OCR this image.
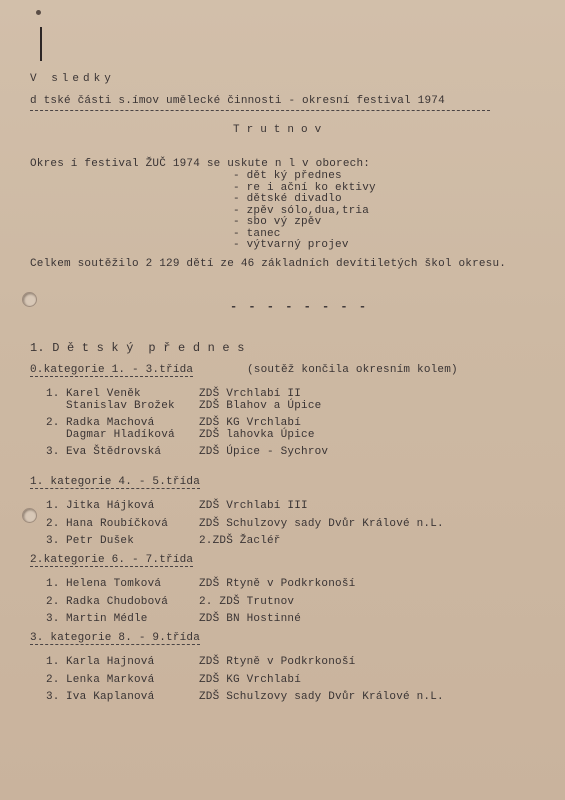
V sledky
d tské části s.ímov umělecké činnosti - okresní festival 1974
T r u t n o v
Okres í festival ŽUČ 1974 se uskute n l v oborech:
- dět ký přednes
- re i ační ko ektivy
- dětské divadlo
- zpěv sólo,dua,tria
- sbo vý zpěv
- tanec
- výtvarný projev
Celkem soutěžilo 2 129 dětí ze 46 základních devítiletých škol okresu.
- - - - - - - -
1. D ě t s k ý  p ř e d n e s
0.kategorie 1. - 3.třída	(soutěž končila okresním kolem)
1. Karel Veněk	ZDŠ Vrchlabí II
Stanislav Brožek ZDŠ Blahov a Úpice
2. Radka Machová	ZDŠ KG Vrchlabí
Dagmar Hladíková ZDŠ lahovka Úpice
3. Eva Štědrovská	ZDŠ Úpice - Sychrov
1. kategorie 4. - 5.třída
1. Jitka Hájková	ZDŠ Vrchlabí III
2. Hana Roubíčková	ZDŠ Schulzovy sady Dvůr Králové n.L.
3. Petr Dušek	2.ZDŠ Žacléř
2.kategorie 6. - 7.třída
1. Helena Tomková	ZDŠ Rtyně v Podkrkonoší
2. Radka Chudobová	2. ZDŠ Trutnov
3. Martin Médle	ZDŠ BN Hostinné
3. kategorie 8. - 9.třída
1. Karla Hajnová	ZDŠ Rtyně v Podkrkonoší
2. Lenka Marková	ZDŠ KG Vrchlabí
3. Iva Kaplanová	ZDŠ Schulzovy sady Dvůr Králové n.L.
